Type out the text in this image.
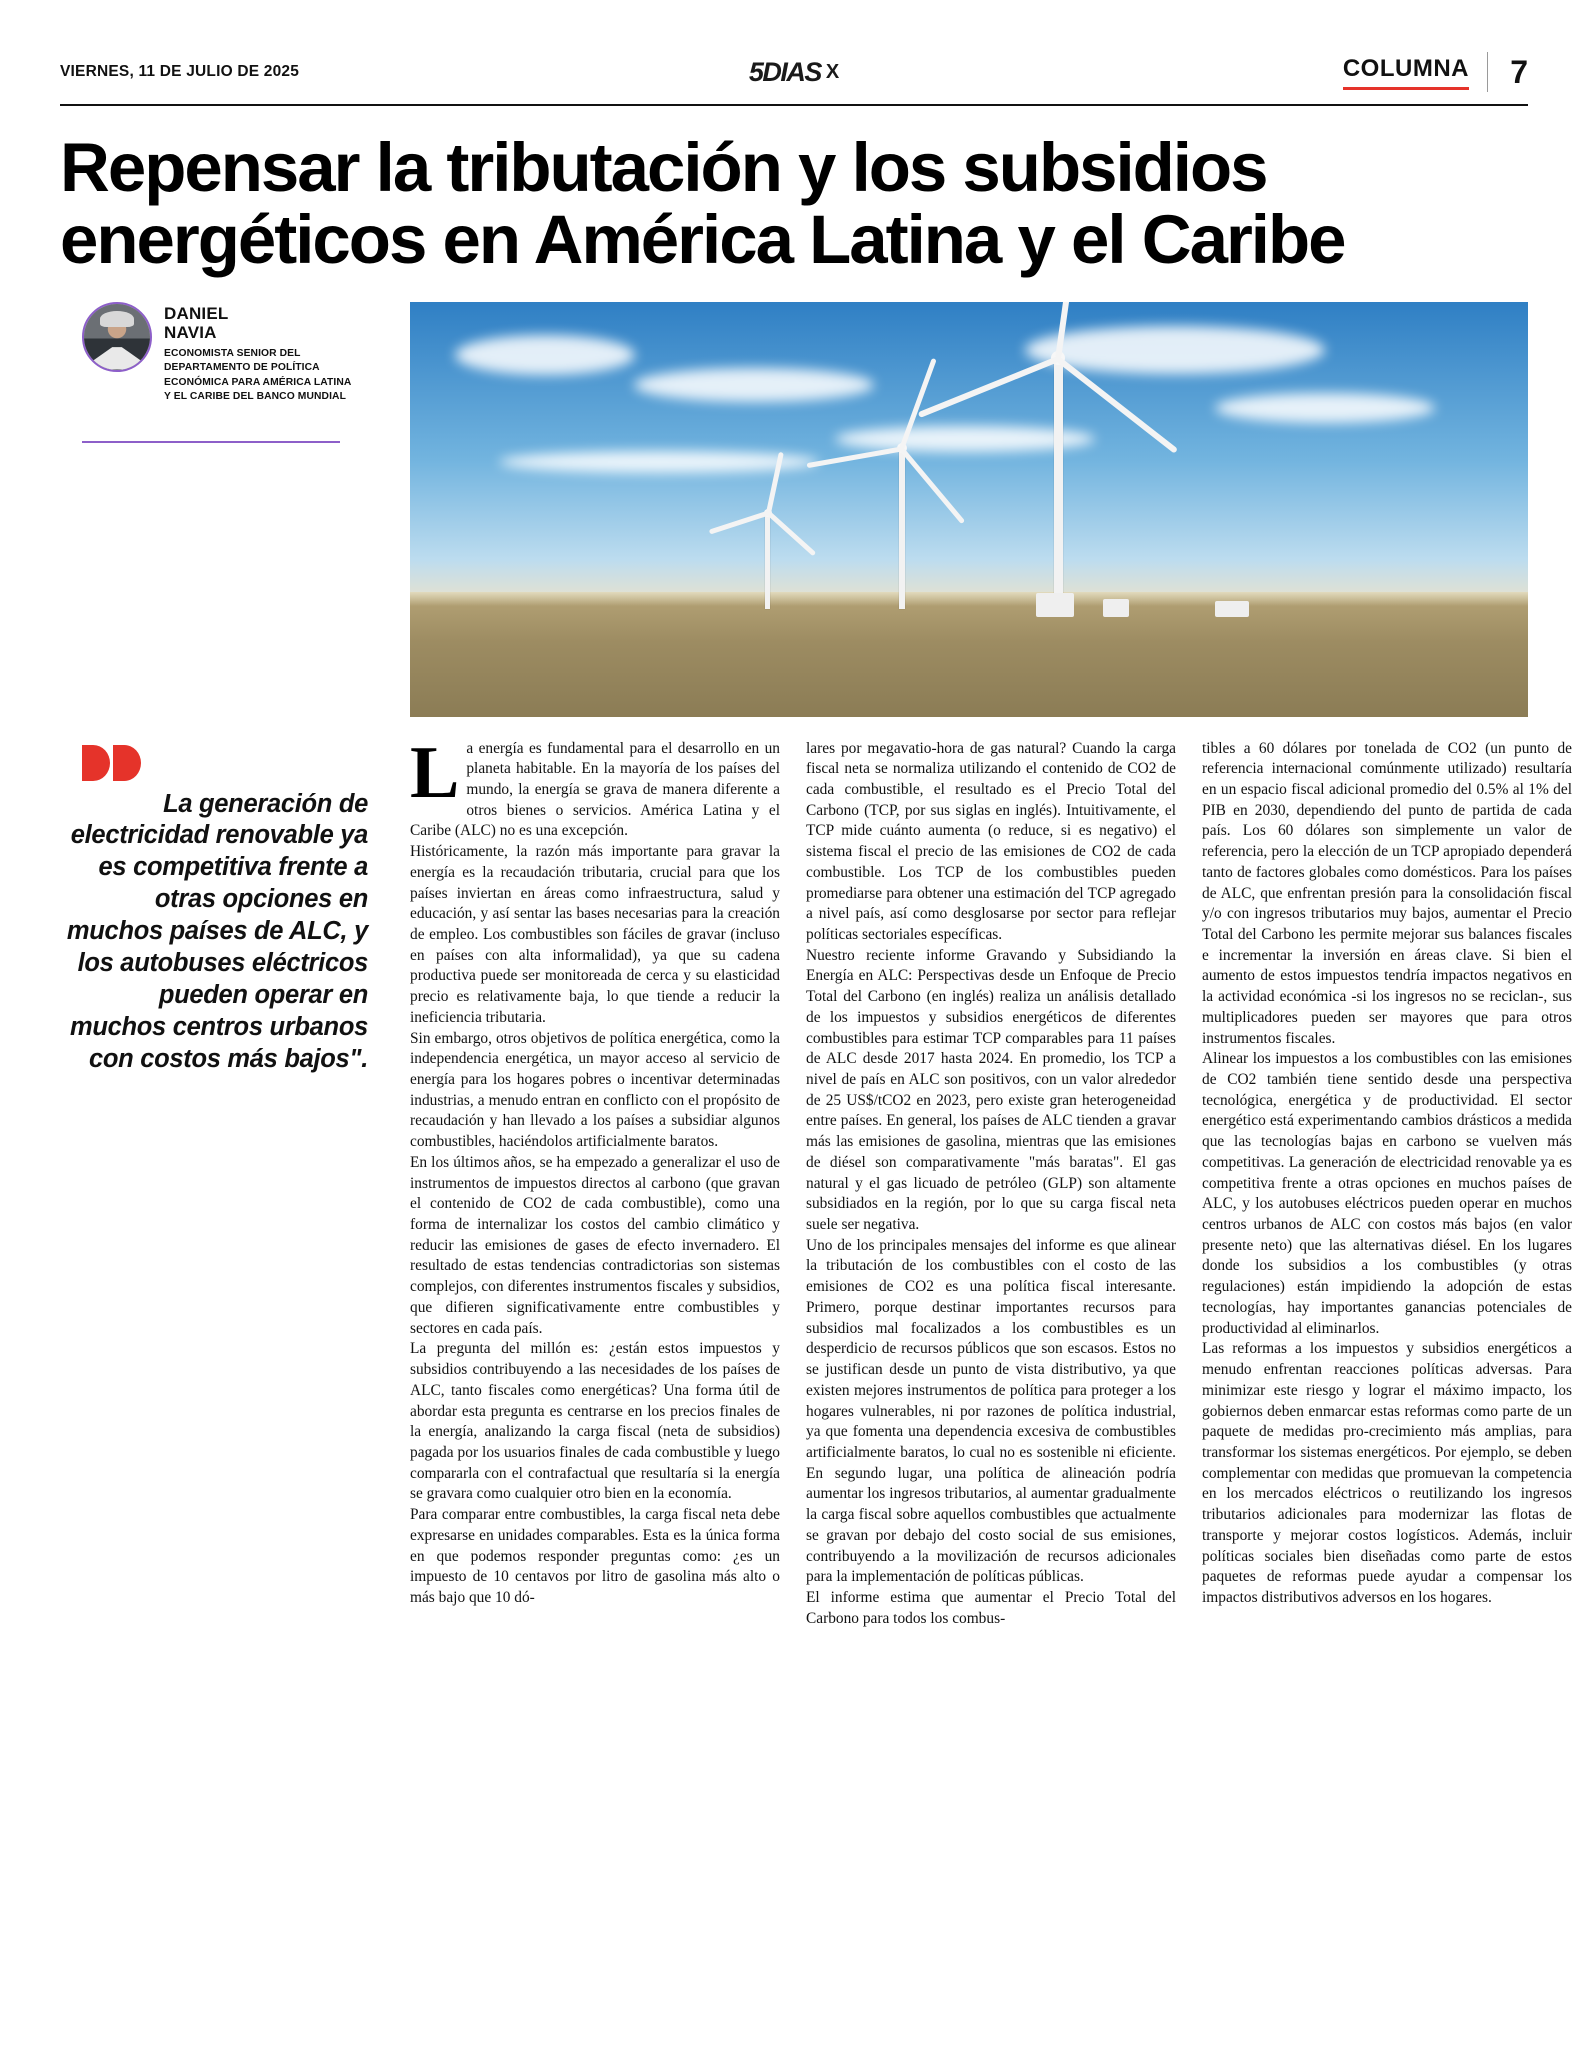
VIERNES, 11 DE JULIO DE 2025	5DIAS X	COLUMNA 7
Repensar la tributación y los subsidios energéticos en América Latina y el Caribe
DANIEL
NAVIA
ECONOMISTA SENIOR DEL
DEPARTAMENTO DE POLÍTICA
ECONÓMICA PARA AMÉRICA LATINA
Y EL CARIBE DEL BANCO MUNDIAL
La generación de electricidad renovable ya es competitiva frente a otras opciones en muchos países de ALC, y los autobuses eléctricos pueden operar en muchos centros urbanos con costos más bajos".

La energía es fundamental para el desarrollo en un planeta habitable. En la mayoría de los países del mundo, la energía se grava de manera diferente a otros bienes o servicios. América Latina y el Caribe (ALC) no es una excepción.

Históricamente, la razón más importante para gravar la energía es la recaudación tributaria, crucial para que los países inviertan en áreas como infraestructura, salud y educación, y así sentar las bases necesarias para la creación de empleo. Los combustibles son fáciles de gravar (incluso en países con alta informalidad), ya que su cadena productiva puede ser monitoreada de cerca y su elasticidad precio es relativamente baja, lo que tiende a reducir la ineficiencia tributaria.

Sin embargo, otros objetivos de política energética, como la independencia energética, un mayor acceso al servicio de energía para los hogares pobres o incentivar determinadas industrias, a menudo entran en conflicto con el propósito de recaudación y han llevado a los países a subsidiar algunos combustibles, haciéndolos artificialmente baratos.

En los últimos años, se ha empezado a generalizar el uso de instrumentos de impuestos directos al carbono (que gravan el contenido de CO2 de cada combustible), como una forma de internalizar los costos del cambio climático y reducir las emisiones de gases de efecto invernadero. El resultado de estas tendencias contradictorias son sistemas complejos, con diferentes instrumentos fiscales y subsidios, que difieren significativamente entre combustibles y sectores en cada país.

La pregunta del millón es: ¿están estos impuestos y subsidios contribuyendo a las necesidades de los países de ALC, tanto fiscales como energéticas? Una forma útil de abordar esta pregunta es centrarse en los precios finales de la energía, analizando la carga fiscal (neta de subsidios) pagada por los usuarios finales de cada combustible y luego compararla con el contrafactual que resultaría si la energía se gravara como cualquier otro bien en la economía.

Para comparar entre combustibles, la carga fiscal neta debe expresarse en unidades comparables. Esta es la única forma en que podemos responder preguntas como: ¿es un impuesto de 10 centavos por litro de gasolina más alto o más bajo que 10 dó-

lares por megavatio-hora de gas natural? Cuando la carga fiscal neta se normaliza utilizando el contenido de CO2 de cada combustible, el resultado es el Precio Total del Carbono (TCP, por sus siglas en inglés). Intuitivamente, el TCP mide cuánto aumenta (o reduce, si es negativo) el sistema fiscal el precio de las emisiones de CO2 de cada combustible. Los TCP de los combustibles pueden promediarse para obtener una estimación del TCP agregado a nivel país, así como desglosarse por sector para reflejar políticas sectoriales específicas.

Nuestro reciente informe Gravando y Subsidiando la Energía en ALC: Perspectivas desde un Enfoque de Precio Total del Carbono (en inglés) realiza un análisis detallado de los impuestos y subsidios energéticos de diferentes combustibles para estimar TCP comparables para 11 países de ALC desde 2017 hasta 2024. En promedio, los TCP a nivel de país en ALC son positivos, con un valor alrededor de 25 US$/tCO2 en 2023, pero existe gran heterogeneidad entre países. En general, los países de ALC tienden a gravar más las emisiones de gasolina, mientras que las emisiones de diésel son comparativamente "más baratas". El gas natural y el gas licuado de petróleo (GLP) son altamente subsidiados en la región, por lo que su carga fiscal neta suele ser negativa.

Uno de los principales mensajes del informe es que alinear la tributación de los combustibles con el costo de las emisiones de CO2 es una política fiscal interesante. Primero, porque destinar importantes recursos para subsidios mal focalizados a los combustibles es un desperdicio de recursos públicos que son escasos. Estos no se justifican desde un punto de vista distributivo, ya que existen mejores instrumentos de política para proteger a los hogares vulnerables, ni por razones de política industrial, ya que fomenta una dependencia excesiva de combustibles artificialmente baratos, lo cual no es sostenible ni eficiente. En segundo lugar, una política de alineación podría aumentar los ingresos tributarios, al aumentar gradualmente la carga fiscal sobre aquellos combustibles que actualmente se gravan por debajo del costo social de sus emisiones, contribuyendo a la movilización de recursos adicionales para la implementación de políticas públicas.

El informe estima que aumentar el Precio Total del Carbono para todos los combus-

tibles a 60 dólares por tonelada de CO2 (un punto de referencia internacional comúnmente utilizado) resultaría en un espacio fiscal adicional promedio del 0.5% al 1% del PIB en 2030, dependiendo del punto de partida de cada país. Los 60 dólares son simplemente un valor de referencia, pero la elección de un TCP apropiado dependerá tanto de factores globales como domésticos. Para los países de ALC, que enfrentan presión para la consolidación fiscal y/o con ingresos tributarios muy bajos, aumentar el Precio Total del Carbono les permite mejorar sus balances fiscales e incrementar la inversión en áreas clave. Si bien el aumento de estos impuestos tendría impactos negativos en la actividad económica -si los ingresos no se reciclan-, sus multiplicadores pueden ser mayores que para otros instrumentos fiscales.

Alinear los impuestos a los combustibles con las emisiones de CO2 también tiene sentido desde una perspectiva tecnológica, energética y de productividad. El sector energético está experimentando cambios drásticos a medida que las tecnologías bajas en carbono se vuelven más competitivas. La generación de electricidad renovable ya es competitiva frente a otras opciones en muchos países de ALC, y los autobuses eléctricos pueden operar en muchos centros urbanos de ALC con costos más bajos (en valor presente neto) que las alternativas diésel. En los lugares donde los subsidios a los combustibles (y otras regulaciones) están impidiendo la adopción de estas tecnologías, hay importantes ganancias potenciales de productividad al eliminarlos.

Las reformas a los impuestos y subsidios energéticos a menudo enfrentan reacciones políticas adversas. Para minimizar este riesgo y lograr el máximo impacto, los gobiernos deben enmarcar estas reformas como parte de un paquete de medidas pro-crecimiento más amplias, para transformar los sistemas energéticos. Por ejemplo, se deben complementar con medidas que promuevan la competencia en los mercados eléctricos o reutilizando los ingresos tributarios adicionales para modernizar las flotas de transporte y mejorar costos logísticos. Además, incluir políticas sociales bien diseñadas como parte de estos paquetes de reformas puede ayudar a compensar los impactos distributivos adversos en los hogares.
